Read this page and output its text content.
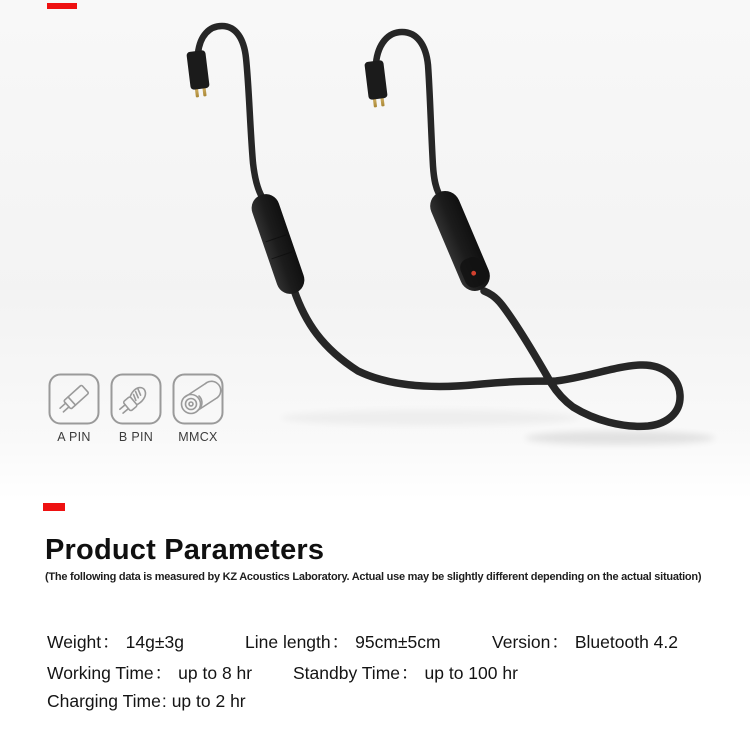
A PIN B PIN MMCX
Product Parameters

(The following data is measured by KZ Acoustics Laboratory. Actual use may be slightly different depending on the actual situation)

Weight： 14g±3g	Line length： 95cm±5cm	Version： Bluetooth 4.2
Working Time： up to 8 hr Standby Time： up to 100 hr
Charging Time: up to 2 hr
